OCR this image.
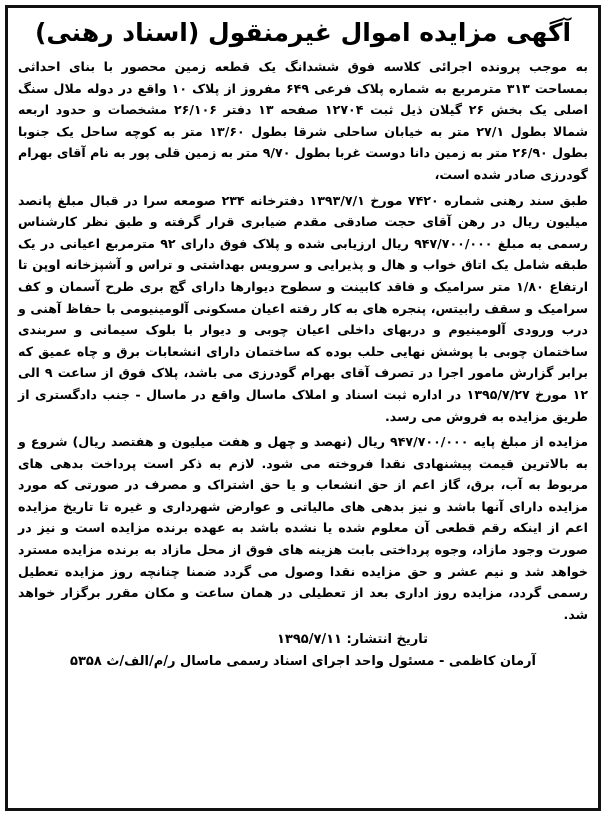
آگهی مزایده اموال غیرمنقول (اسناد رهنی)

به موجب پرونده اجرائی کلاسه فوق ششدانگ یک قطعه زمین محصور با بنای احداثی بمساحت ۳۱۳ مترمربع به شماره پلاک فرعی ۶۴۹ مفروز از پلاک ۱۰ واقع در دوله ملال سنگ اصلی یک بخش ۲۶ گیلان ذیل ثبت ۱۲۷۰۴ صفحه ۱۳ دفتر ۲۶/۱۰۶ مشخصات و حدود اربعه شمالا بطول ۲۷/۱ متر به خیابان ساحلی شرقا بطول ۱۳/۶۰ متر به کوچه ساحل یک جنوبا بطول ۲۶/۹۰ متر به زمین دانا دوست غربا بطول ۹/۷۰ متر به زمین قلی پور به نام آقای بهرام گودرزی صادر شده است،

طبق سند رهنی شماره ۷۴۲۰ مورخ ۱۳۹۳/۷/۱ دفترخانه ۲۳۴ صومعه سرا در قبال مبلغ پانصد میلیون ریال در رهن آقای حجت صادقی مقدم ضیابری قرار گرفته و طبق نظر کارشناس رسمی به مبلغ ۹۴۷/۷۰۰/۰۰۰ ریال ارزیابی شده و پلاک فوق دارای ۹۲ مترمربع اعیانی در یک طبقه شامل یک اتاق خواب و هال و پذیرایی و سرویس بهداشتی و تراس و آشپزخانه اوپن تا ارتفاع ۱/۸۰ متر سرامیک و فاقد کابینت و سطوح دیوارها دارای گچ بری طرح آسمان و کف سرامیک و سقف رابیتس، پنجره های به کار رفته اعیان مسکونی آلومینیومی با حفاظ آهنی و درب ورودی آلومینیوم و دربهای داخلی اعیان چوبی و دیوار با بلوک سیمانی و سربندی ساختمان چوبی با پوشش نهایی حلب بوده که ساختمان دارای انشعابات برق و چاه عمیق که برابر گزارش مامور اجرا در تصرف آقای بهرام گودرزی می باشد، پلاک فوق از ساعت ۹ الی ۱۲ مورخ ۱۳۹۵/۷/۲۷ در اداره ثبت اسناد و املاک ماسال واقع در ماسال - جنب دادگستری از طریق مزایده به فروش می رسد.

مزایده از مبلغ پایه ۹۴۷/۷۰۰/۰۰۰ ریال (نهصد و چهل و هفت میلیون و هفتصد ریال) شروع و به بالاترین قیمت پیشنهادی نقدا فروخته می شود. لازم به ذکر است پرداخت بدهی های مربوط به آب، برق، گاز اعم از حق انشعاب و یا حق اشتراک و مصرف در صورتی که مورد مزایده دارای آنها باشد و نیز بدهی های مالیاتی و عوارض شهرداری و غیره تا تاریخ مزایده اعم از اینکه رقم قطعی آن معلوم شده یا نشده باشد به عهده برنده مزایده است و نیز در صورت وجود مازاد، وجوه پرداختی بابت هزینه های فوق از محل مازاد به برنده مزایده مسترد خواهد شد و نیم عشر و حق مزایده نقدا وصول می گردد ضمنا چنانچه روز مزایده تعطیل رسمی گردد، مزایده روز اداری بعد از تعطیلی در همان ساعت و مکان مقرر برگزار خواهد شد.

تاریخ انتشار: ۱۳۹۵/۷/۱۱

آرمان کاظمی - مسئول واحد اجرای اسناد رسمی ماسال ر/م/الف/ث ۵۳۵۸
